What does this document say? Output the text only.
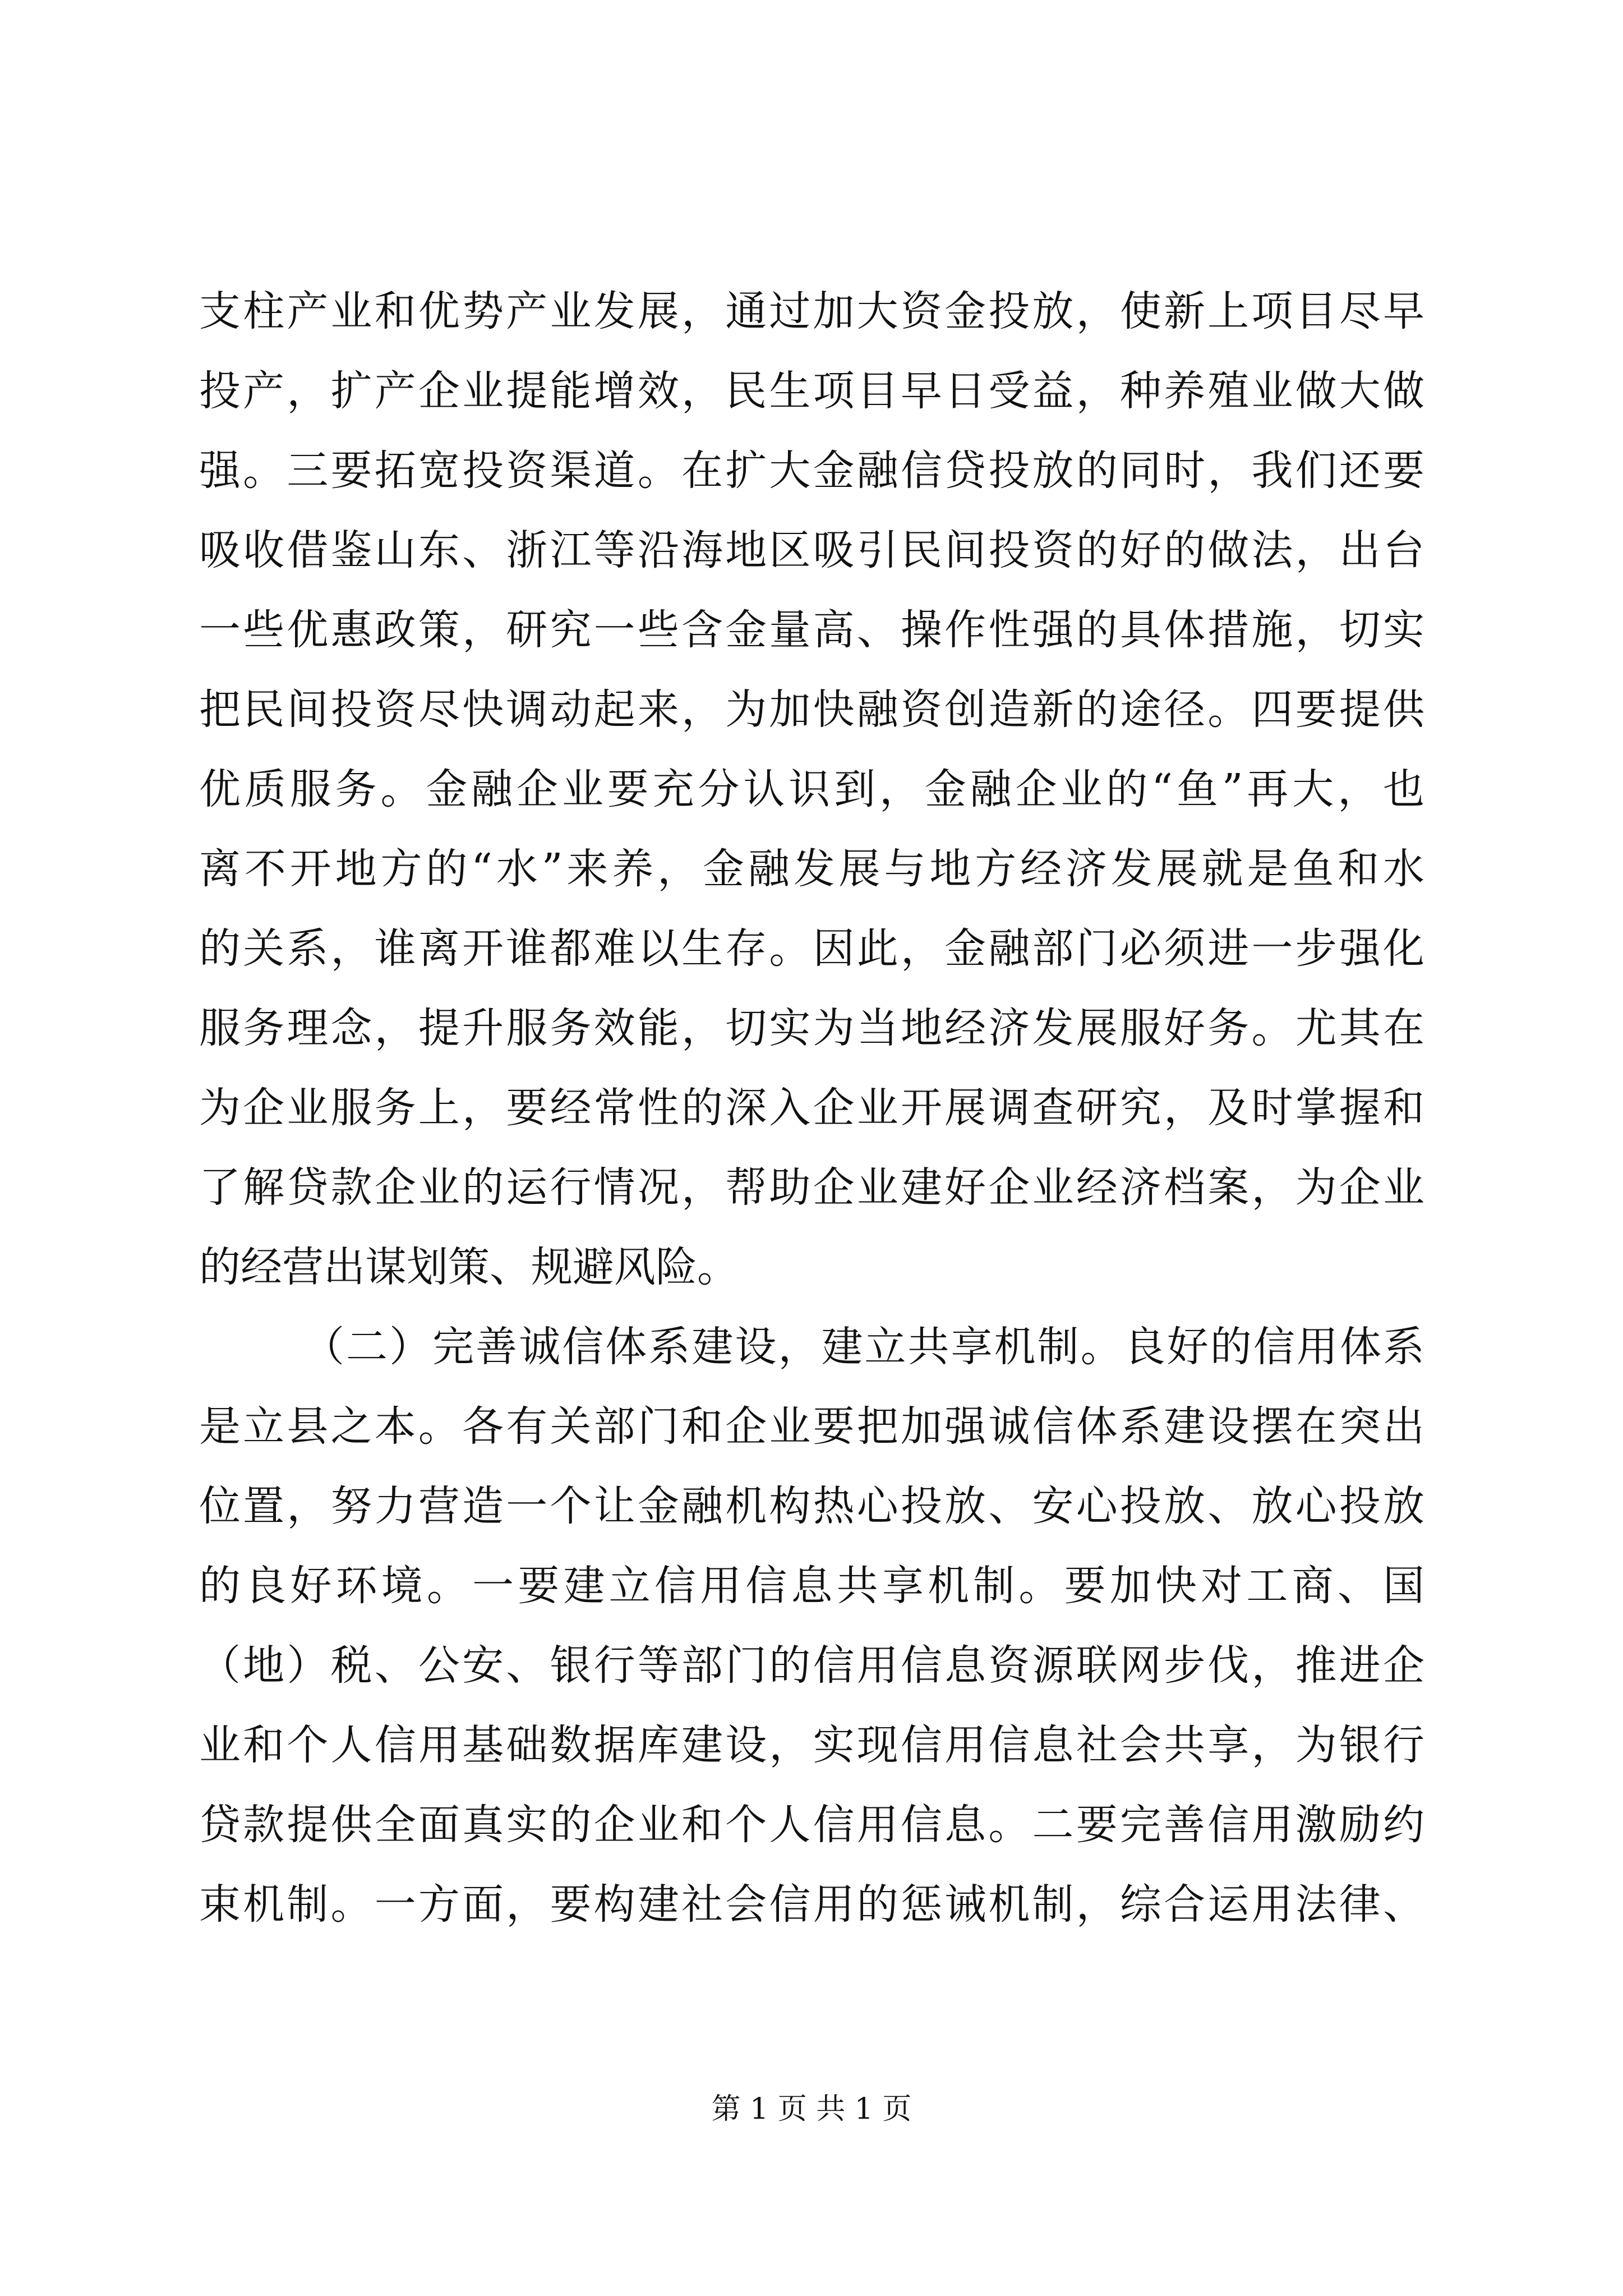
支柱产业和优势产业发展，通过加大资金投放，使新上项目尽早
投产，扩产企业提能增效，民生项目早日受益，种养殖业做大做
强。三要拓宽投资渠道。在扩大金融信贷投放的同时，我们还要
吸收借鉴山东、浙江等沿海地区吸引民间投资的好的做法，出台
一些优惠政策，研究一些含金量高、操作性强的具体措施，切实
把民间投资尽快调动起来，为加快融资创造新的途径。四要提供
优质服务。金融企业要充分认识到，金融企业的“鱼”再大，也
离不开地方的“水”来养，金融发展与地方经济发展就是鱼和水
的关系，谁离开谁都难以生存。因此，金融部门必须进一步强化
服务理念，提升服务效能，切实为当地经济发展服好务。尤其在
为企业服务上，要经常性的深入企业开展调查研究，及时掌握和
了解贷款企业的运行情况，帮助企业建好企业经济档案，为企业
的经营出谋划策、规避风险。
（二）完善诚信体系建设，建立共享机制。良好的信用体系
是立县之本。各有关部门和企业要把加强诚信体系建设摆在突出
位置，努力营造一个让金融机构热心投放、安心投放、放心投放
的良好环境。一要建立信用信息共享机制。要加快对工商、国
（地）税、公安、银行等部门的信用信息资源联网步伐，推进企
业和个人信用基础数据库建设，实现信用信息社会共享，为银行
贷款提供全面真实的企业和个人信用信息。二要完善信用激励约
束机制。一方面，要构建社会信用的惩诫机制，综合运用法律、
第 1 页 共 1 页
